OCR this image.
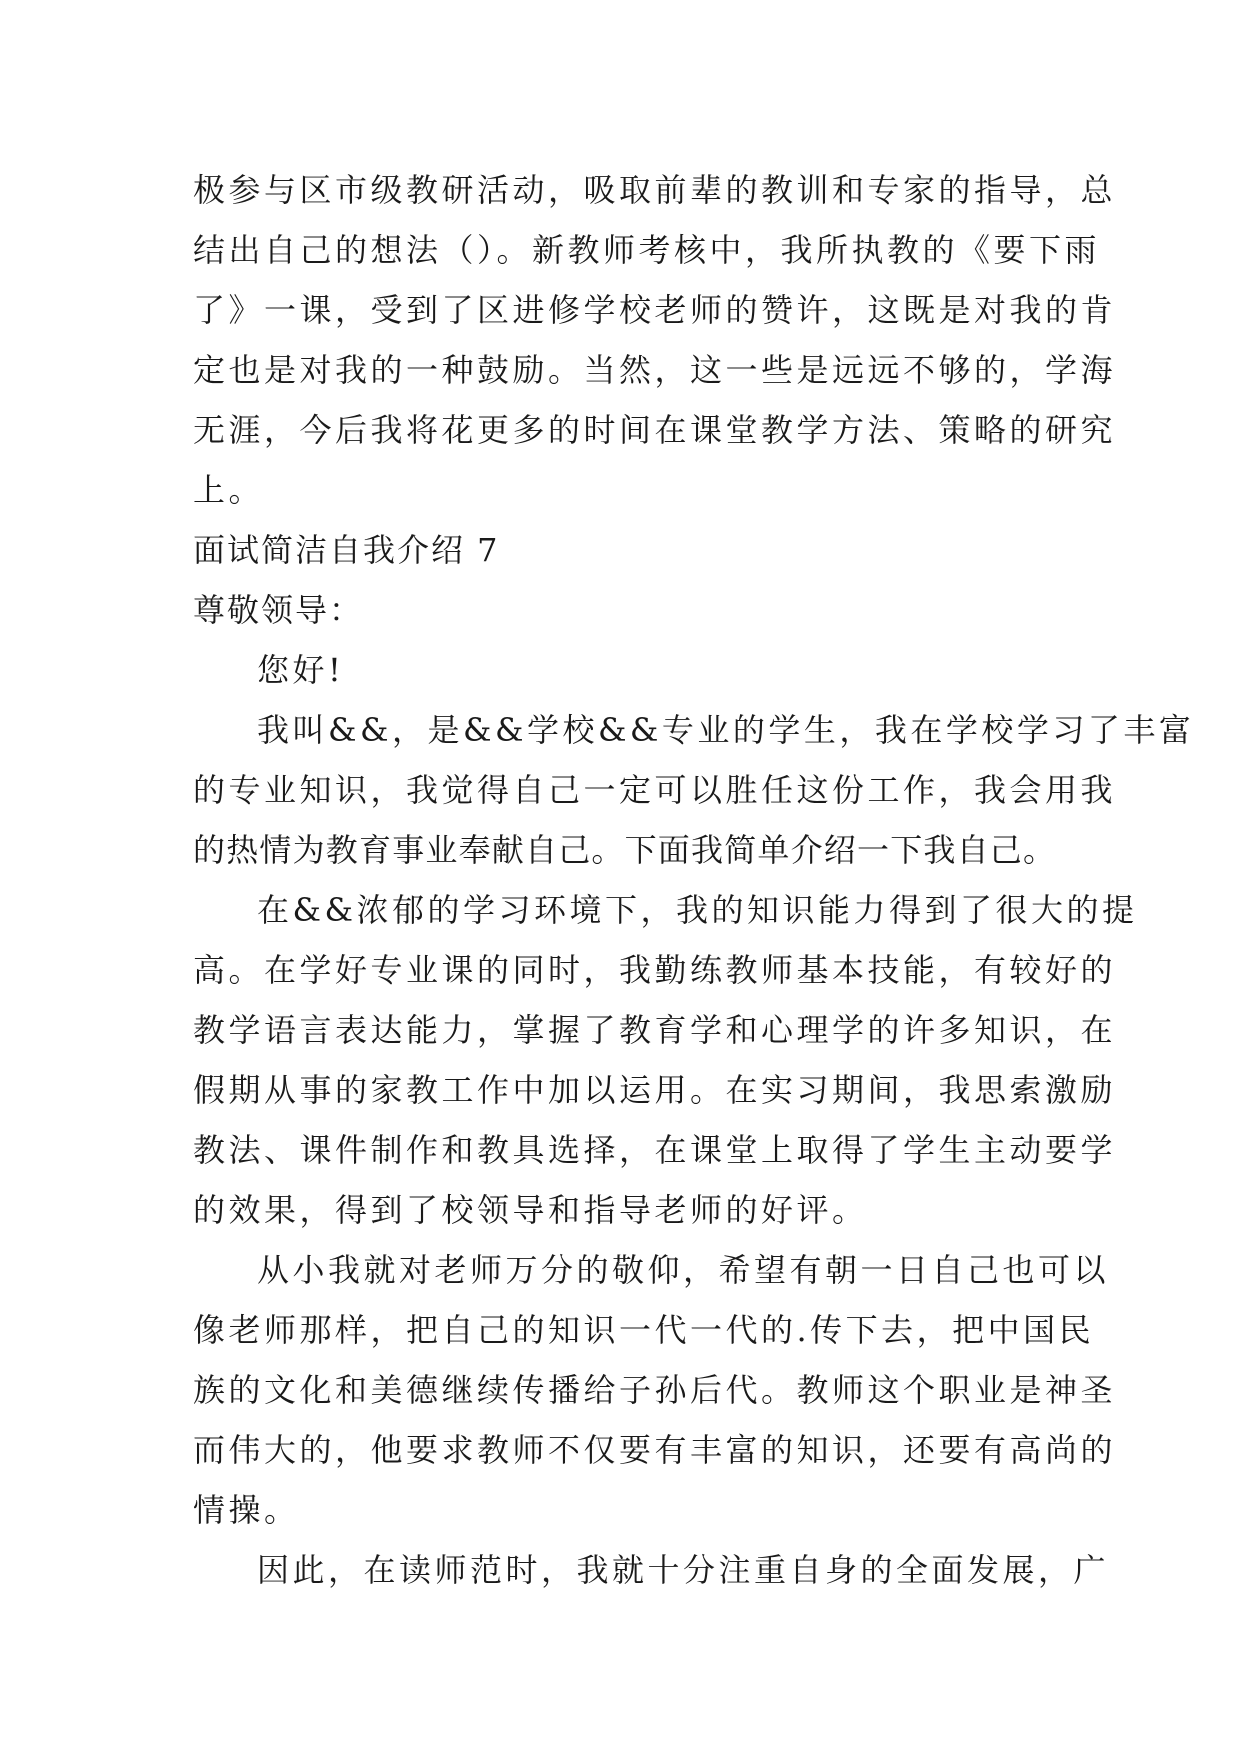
极参与区市级教研活动，吸取前辈的教训和专家的指导，总
结出自己的想法（）。新教师考核中，我所执教的《要下雨
了》一课，受到了区进修学校老师的赞许，这既是对我的肯
定也是对我的一种鼓励。当然，这一些是远远不够的，学海
无涯，今后我将花更多的时间在课堂教学方法、策略的研究
上。
面试简洁自我介绍 7
尊敬领导：
您好!
我叫&&，是&&学校&&专业的学生，我在学校学习了丰富
的专业知识，我觉得自己一定可以胜任这份工作，我会用我
的热情为教育事业奉献自己。下面我简单介绍一下我自己。
在&&浓郁的学习环境下，我的知识能力得到了很大的提
高。在学好专业课的同时，我勤练教师基本技能，有较好的
教学语言表达能力，掌握了教育学和心理学的许多知识，在
假期从事的家教工作中加以运用。在实习期间，我思索激励
教法、课件制作和教具选择，在课堂上取得了学生主动要学
的效果，得到了校领导和指导老师的好评。
从小我就对老师万分的敬仰，希望有朝一日自己也可以
像老师那样，把自己的知识一代一代的.传下去，把中国民
族的文化和美德继续传播给子孙后代。教师这个职业是神圣
而伟大的，他要求教师不仅要有丰富的知识，还要有高尚的
情操。
因此，在读师范时，我就十分注重自身的全面发展，广
